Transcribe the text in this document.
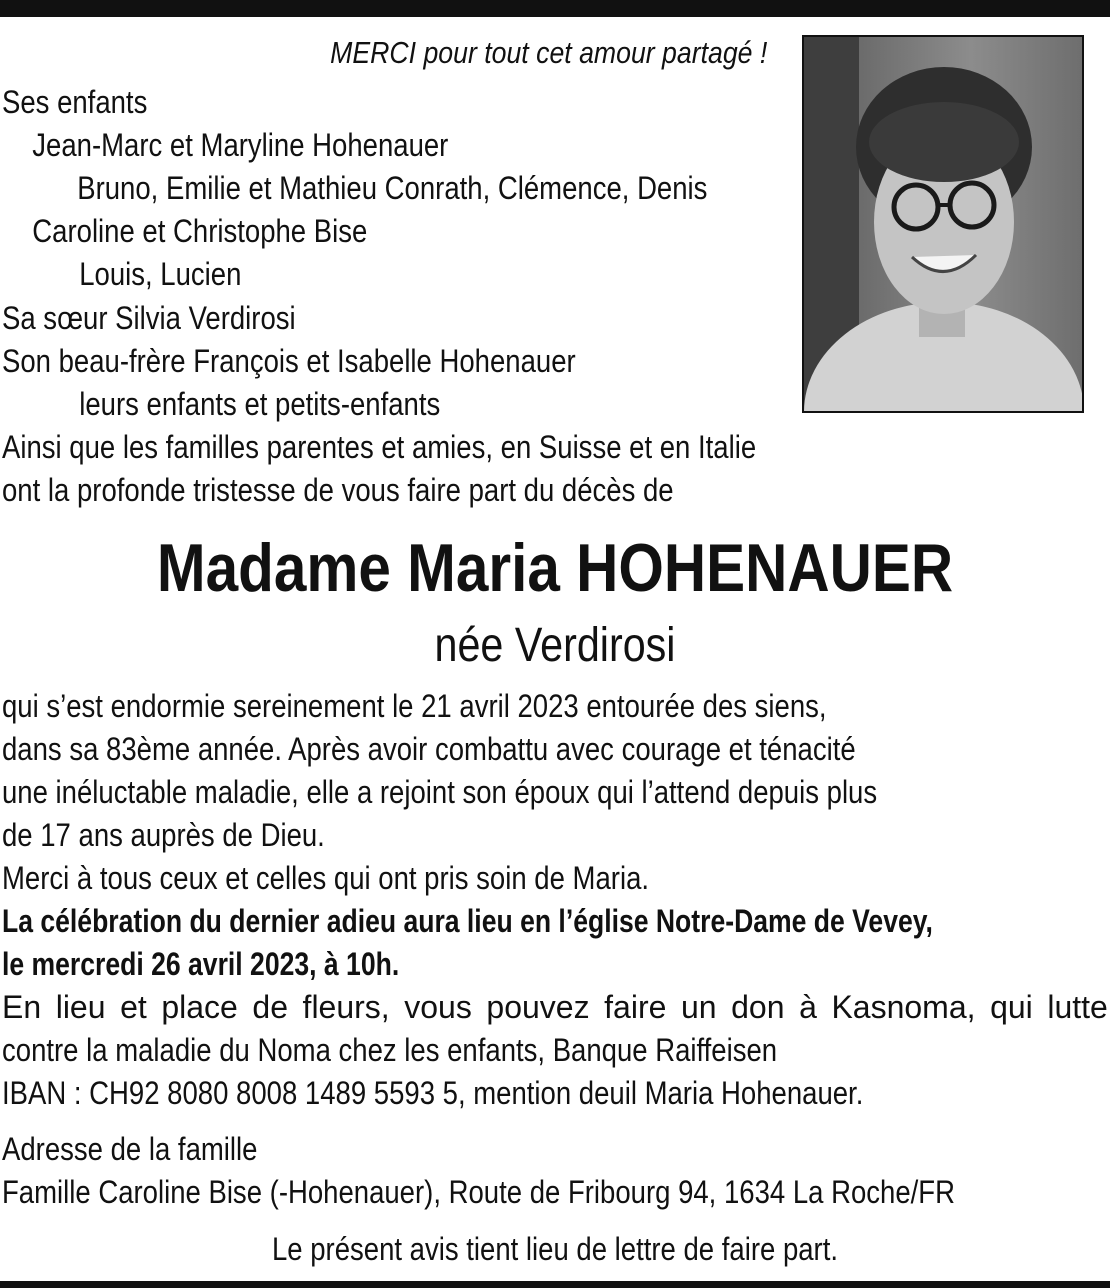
MERCI pour tout cet amour partagé !
Ses enfants
Jean-Marc et Maryline Hohenauer
Bruno, Emilie et Mathieu Conrath, Clémence, Denis
Caroline et Christophe Bise
Louis, Lucien
Sa sœur Silvia Verdirosi
Son beau-frère François et Isabelle Hohenauer
leurs enfants et petits-enfants
Ainsi que les familles parentes et amies, en Suisse et en Italie
ont la profonde tristesse de vous faire part du décès de
Madame Maria HOHENAUER
née Verdirosi
qui s’est endormie sereinement le 21 avril 2023 entourée des siens,
dans sa 83ème année. Après avoir combattu avec courage et ténacité
une inéluctable maladie, elle a rejoint son époux qui l’attend depuis plus
de 17 ans auprès de Dieu.
Merci à tous ceux et celles qui ont pris soin de Maria.
La célébration du dernier adieu aura lieu en l’église Notre-Dame de Vevey,
le mercredi 26 avril 2023, à 10h.
En lieu et place de fleurs, vous pouvez faire un don à Kasnoma, qui lutte
contre la maladie du Noma chez les enfants, Banque Raiffeisen
IBAN : CH92 8080 8008 1489 5593 5, mention deuil Maria Hohenauer.
Adresse de la famille
Famille Caroline Bise (-Hohenauer), Route de Fribourg 94, 1634 La Roche/FR
Le présent avis tient lieu de lettre de faire part.
